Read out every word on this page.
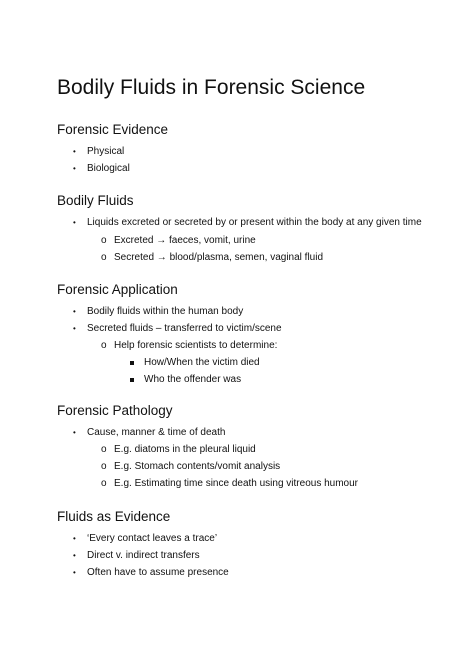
Bodily Fluids in Forensic Science
Forensic Evidence
• Physical
• Biological
Bodily Fluids
• Liquids excreted or secreted by or present within the body at any given time
o Excreted → faeces, vomit, urine
o Secreted → blood/plasma, semen, vaginal fluid
Forensic Application
• Bodily fluids within the human body
• Secreted fluids – transferred to victim/scene
o Help forensic scientists to determine:
How/When the victim died
Who the offender was
Forensic Pathology
• Cause, manner & time of death
o E.g. diatoms in the pleural liquid
o E.g. Stomach contents/vomit analysis
o E.g. Estimating time since death using vitreous humour
Fluids as Evidence
• ‘Every contact leaves a trace’
• Direct v. indirect transfers
• Often have to assume presence
